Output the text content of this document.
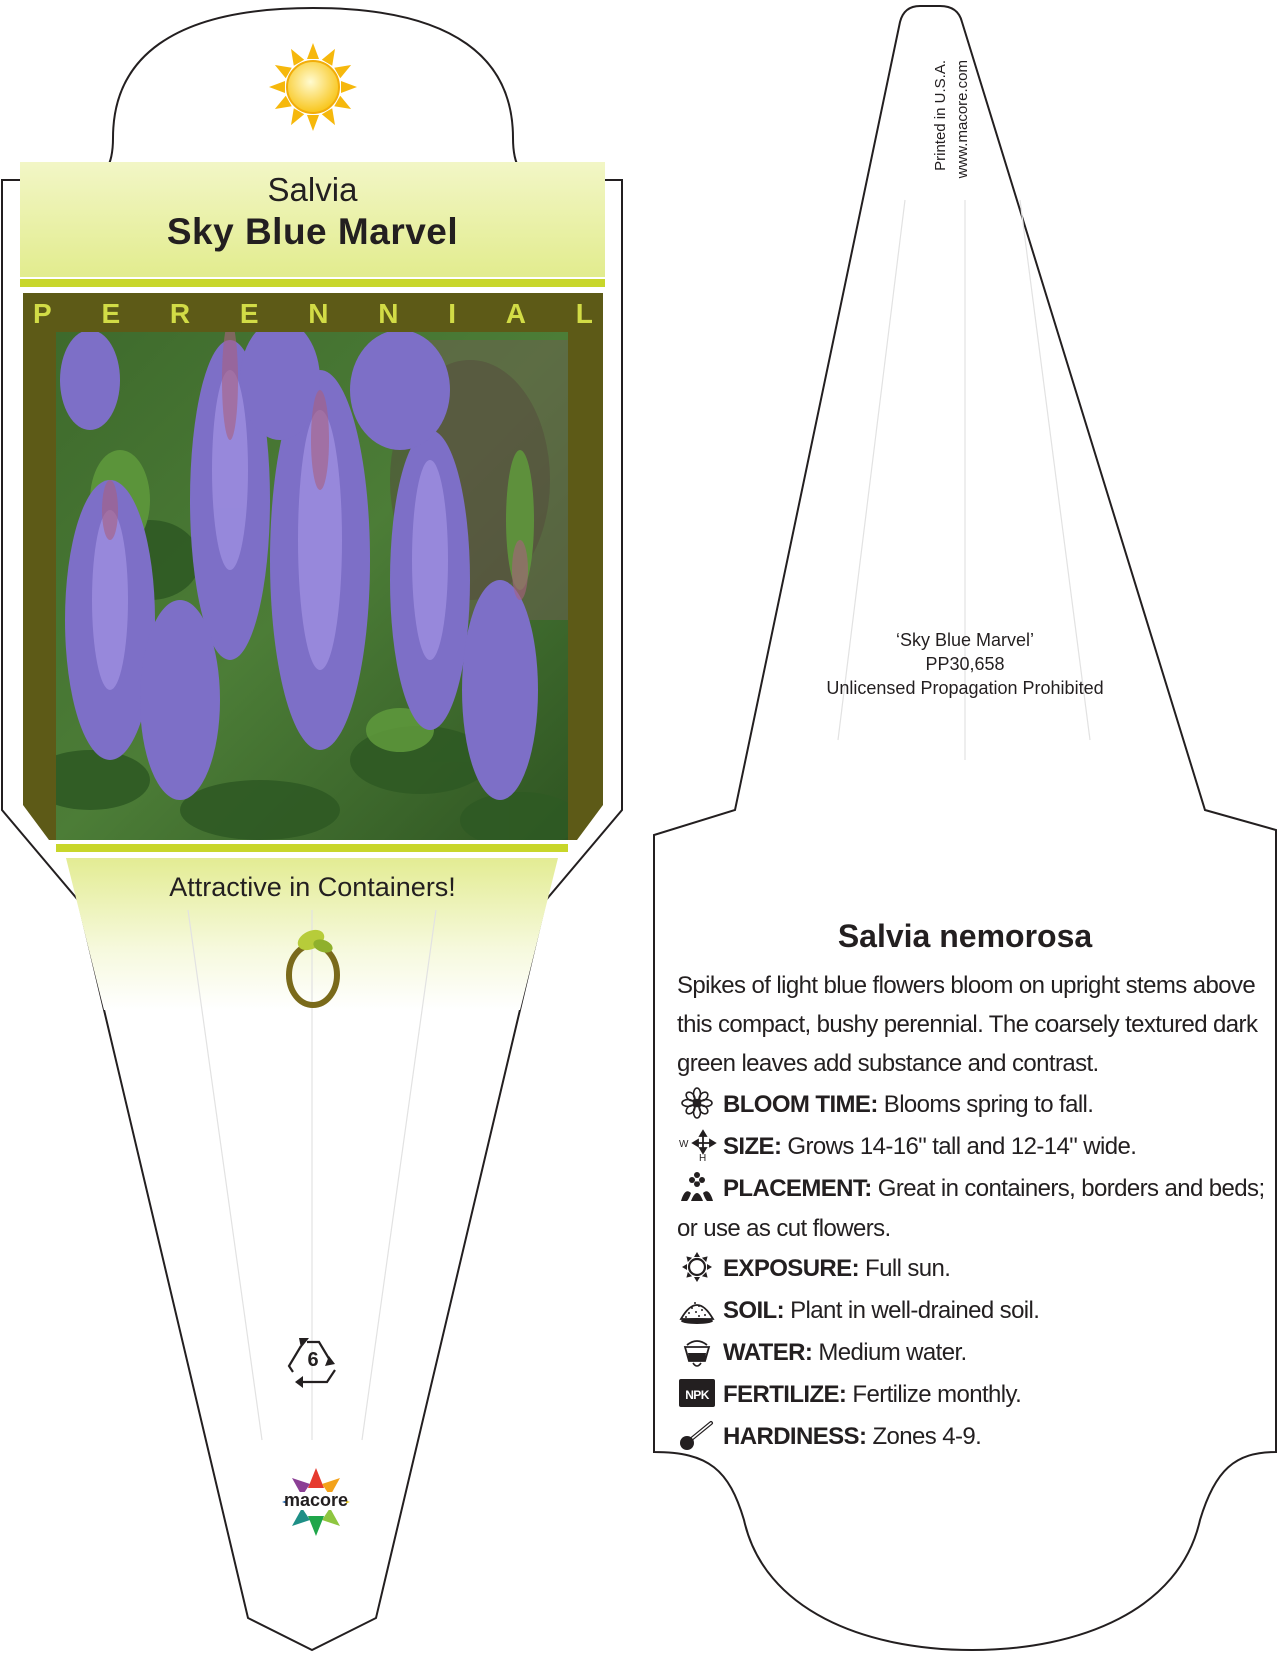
Salvia
Sky Blue Marvel
P E R E N N I A L
Attractive in Containers!
6
macore
Printed in U.S.A. www.macore.com
‘Sky Blue Marvel’
PP30,658
Unlicensed Propagation Prohibited
Salvia nemorosa
Spikes of light blue flowers bloom on upright stems above this compact, bushy perennial. The coarsely textured dark green leaves add substance and contrast.
BLOOM TIME: Blooms spring to fall.
W
H SIZE: Grows 14-16" tall and 12-14" wide.
PLACEMENT: Great in containers, borders and beds; or use as cut flowers.
EXPOSURE: Full sun.
SOIL: Plant in well-drained soil.
WATER: Medium water.
NPK FERTILIZE: Fertilize monthly.
HARDINESS: Zones 4-9.
